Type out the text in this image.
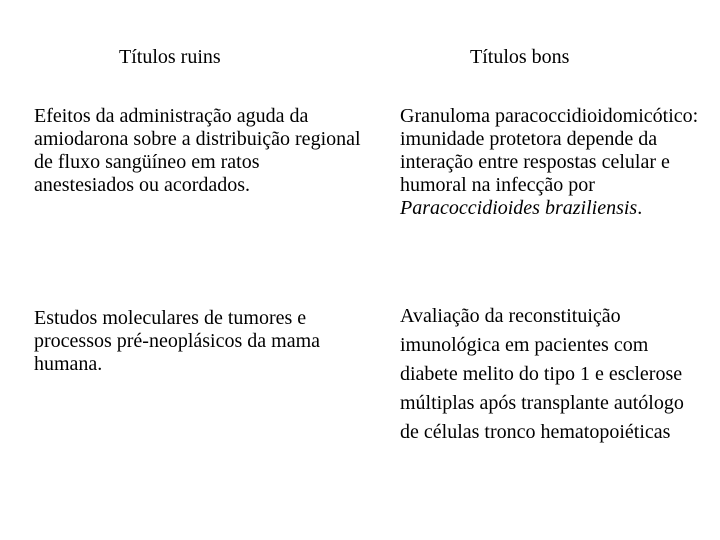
Títulos ruins	Títulos bons

Efeitos da administração aguda da amiodarona sobre a distribuição regional de fluxo sangüíneo em ratos anestesiados ou acordados.

Granuloma paracoccidioidomicótico: imunidade protetora depende da interação entre respostas celular e humoral na infecção por Paracoccidioides braziliensis.

Estudos moleculares de tumores e processos pré-neoplásicos da mama humana.

Avaliação da reconstituição imunológica em pacientes com diabete melito do tipo 1 e esclerose múltiplas após transplante autólogo de células tronco hematopoiéticas
